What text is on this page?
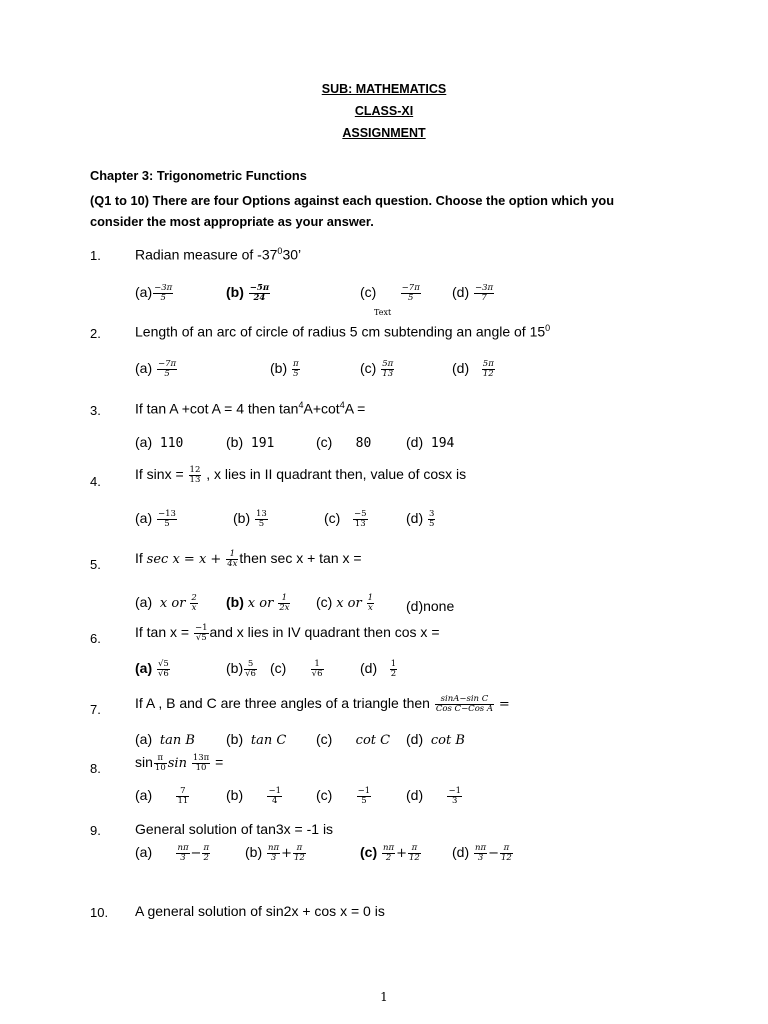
SUB: MATHEMATICS
CLASS-XI
ASSIGNMENT
Chapter 3: Trigonometric Functions
(Q1 to 10) There are four Options against each question. Choose the option which you consider the most appropriate as your answer.
1. Radian measure of $-37^030$’
$(a) \frac{-3\pi}{5}$	$(b) \frac{-5\pi}{24}$	(c)	$\frac{-7\pi}{5} (d) \frac{-3\pi}{7}$
Text
2. Length of an arc of circle of radius 5 cm subtending an angle of $15^0$
$(a) \frac{-7\pi}{5}$	$(b) \frac{\pi}{5}$	$(c) \frac{5\pi}{13}$	$(d) \frac{5\pi}{12}$
3. If tan A +cot A = 4 then $\tan^4A+\cot^4A$ =
(a) 110	(b) 191	(c) 80 (d) 194
4. If $\sin x = \frac{12}{13}$ , x lies in II quadrant then, value of cosx is
$(a) \frac{-13}{5}$	$(b) \frac{13}{5}$	$(c) \frac{-5}{13}$	$(d) \frac{3}{5}$
5. If $\sec x = x + \frac{1}{4x}$ then sec x + tan x =
(a) x or $\frac{2}{x} (b)$ x or $\frac{1}{2x} (c)$ x or $\frac{1}{x}$ (d)none
6. If $\tan x = \frac{-1}{√5}$ and x lies in IV quadrant then cos x =
$(a) \frac{√5}{√6}$	$(b) \frac{5}{√6} (c)$	$\frac{1}{√6}$	$(d) \frac{1}{2}$
7. If A , B and C are three angles of a triangle then $\frac{\text{sinA−sin C}}{\text{Cos C−Cos A}}$ =
(a) tan B (b) tan C (c) cot C (d) cot B
8. $\sin \frac{\pi}{10}$ $\sin \frac{13\pi}{10}$ =
(a)	$\frac{7}{11}$	(b)	$\frac{-1}{4} (c)$	$\frac{-1}{5} (d)$	$\frac{-1}{3}$
9. General solution of tan3x = -1 is
(a)	$\frac{n\pi}{3} - \frac{\pi}{2} (b) \frac{n\pi}{3} + \frac{\pi}{12}$	$(c) \frac{n\pi}{2} + \frac{\pi}{12} (d) \frac{n\pi}{3} - \frac{\pi}{12}$
10. A general solution of sin2x + cos x = 0 is
1
